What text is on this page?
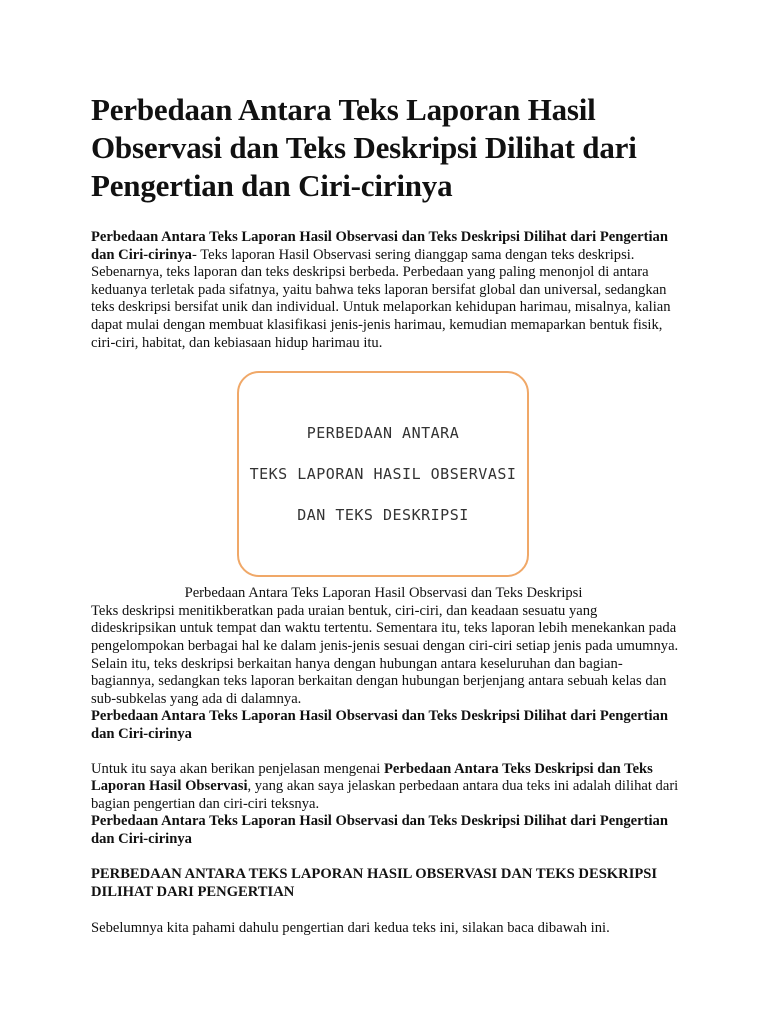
Perbedaan Antara Teks Laporan Hasil Observasi dan Teks Deskripsi Dilihat dari Pengertian dan Ciri-cirinya

Perbedaan Antara Teks Laporan Hasil Observasi dan Teks Deskripsi Dilihat dari Pengertian dan Ciri-cirinya- Teks laporan Hasil Observasi sering dianggap sama dengan teks deskripsi. Sebenarnya, teks laporan dan teks deskripsi berbeda. Perbedaan yang paling menonjol di antara keduanya terletak pada sifatnya, yaitu bahwa teks laporan bersifat global dan universal, sedangkan teks deskripsi bersifat unik dan individual. Untuk melaporkan kehidupan harimau, misalnya, kalian dapat mulai dengan membuat klasifikasi jenis-jenis harimau, kemudian memaparkan bentuk fisik, ciri-ciri, habitat, dan kebiasaan hidup harimau itu.

PERBEDAAN ANTARA
TEKS LAPORAN HASIL OBSERVASI
DAN TEKS DESKRIPSI

Perbedaan Antara Teks Laporan Hasil Observasi dan Teks Deskripsi

Teks deskripsi menitikberatkan pada uraian bentuk, ciri-ciri, dan keadaan sesuatu yang dideskripsikan untuk tempat dan waktu tertentu. Sementara itu, teks laporan lebih menekankan pada pengelompokan berbagai hal ke dalam jenis-jenis sesuai dengan ciri-ciri setiap jenis pada umumnya. Selain itu, teks deskripsi berkaitan hanya dengan hubungan antara keseluruhan dan bagian-bagiannya, sedangkan teks laporan berkaitan dengan hubungan berjenjang antara sebuah kelas dan sub-subkelas yang ada di dalamnya.

Perbedaan Antara Teks Laporan Hasil Observasi dan Teks Deskripsi Dilihat dari Pengertian dan Ciri-cirinya

Untuk itu saya akan berikan penjelasan mengenai Perbedaan Antara Teks Deskripsi dan Teks Laporan Hasil Observasi, yang akan saya jelaskan perbedaan antara dua teks ini adalah dilihat dari bagian pengertian dan ciri-ciri teksnya.

Perbedaan Antara Teks Laporan Hasil Observasi dan Teks Deskripsi Dilihat dari Pengertian dan Ciri-cirinya

PERBEDAAN ANTARA TEKS LAPORAN HASIL OBSERVASI DAN TEKS DESKRIPSI DILIHAT DARI PENGERTIAN

Sebelumnya kita pahami dahulu pengertian dari kedua teks ini, silakan baca dibawah ini.
